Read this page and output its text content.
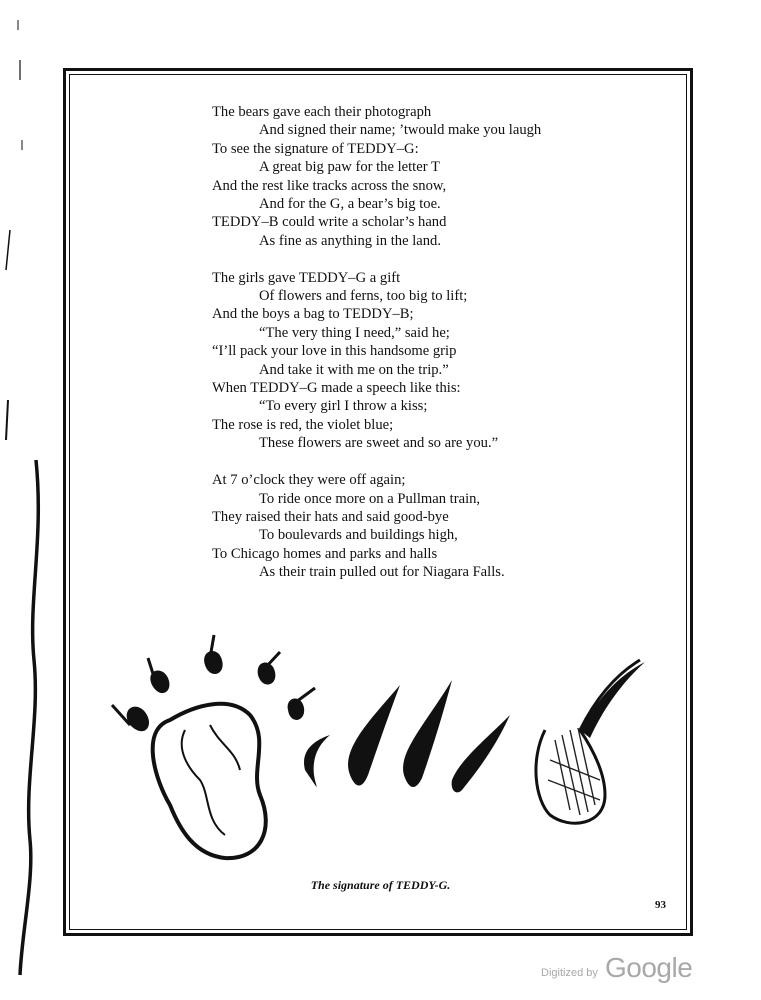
The bears gave each their photograph
And signed their name; ’twould make you laugh
To see the signature of TEDDY–G:
A great big paw for the letter T
And the rest like tracks across the snow,
And for the G, a bear’s big toe.
TEDDY–B could write a scholar’s hand
As fine as anything in the land.
The girls gave TEDDY–G a gift
Of flowers and ferns, too big to lift;
And the boys a bag to TEDDY–B;
“The very thing I need,” said he;
“I’ll pack your love in this handsome grip
And take it with me on the trip.”
When TEDDY–G made a speech like this:
“To every girl I throw a kiss;
The rose is red, the violet blue;
These flowers are sweet and so are you.”
At 7 o’clock they were off again;
To ride once more on a Pullman train,
They raised their hats and said good-bye
To boulevards and buildings high,
To Chicago homes and parks and halls
As their train pulled out for Niagara Falls.
The signature of TEDDY-G.
93
Digitized by Google
